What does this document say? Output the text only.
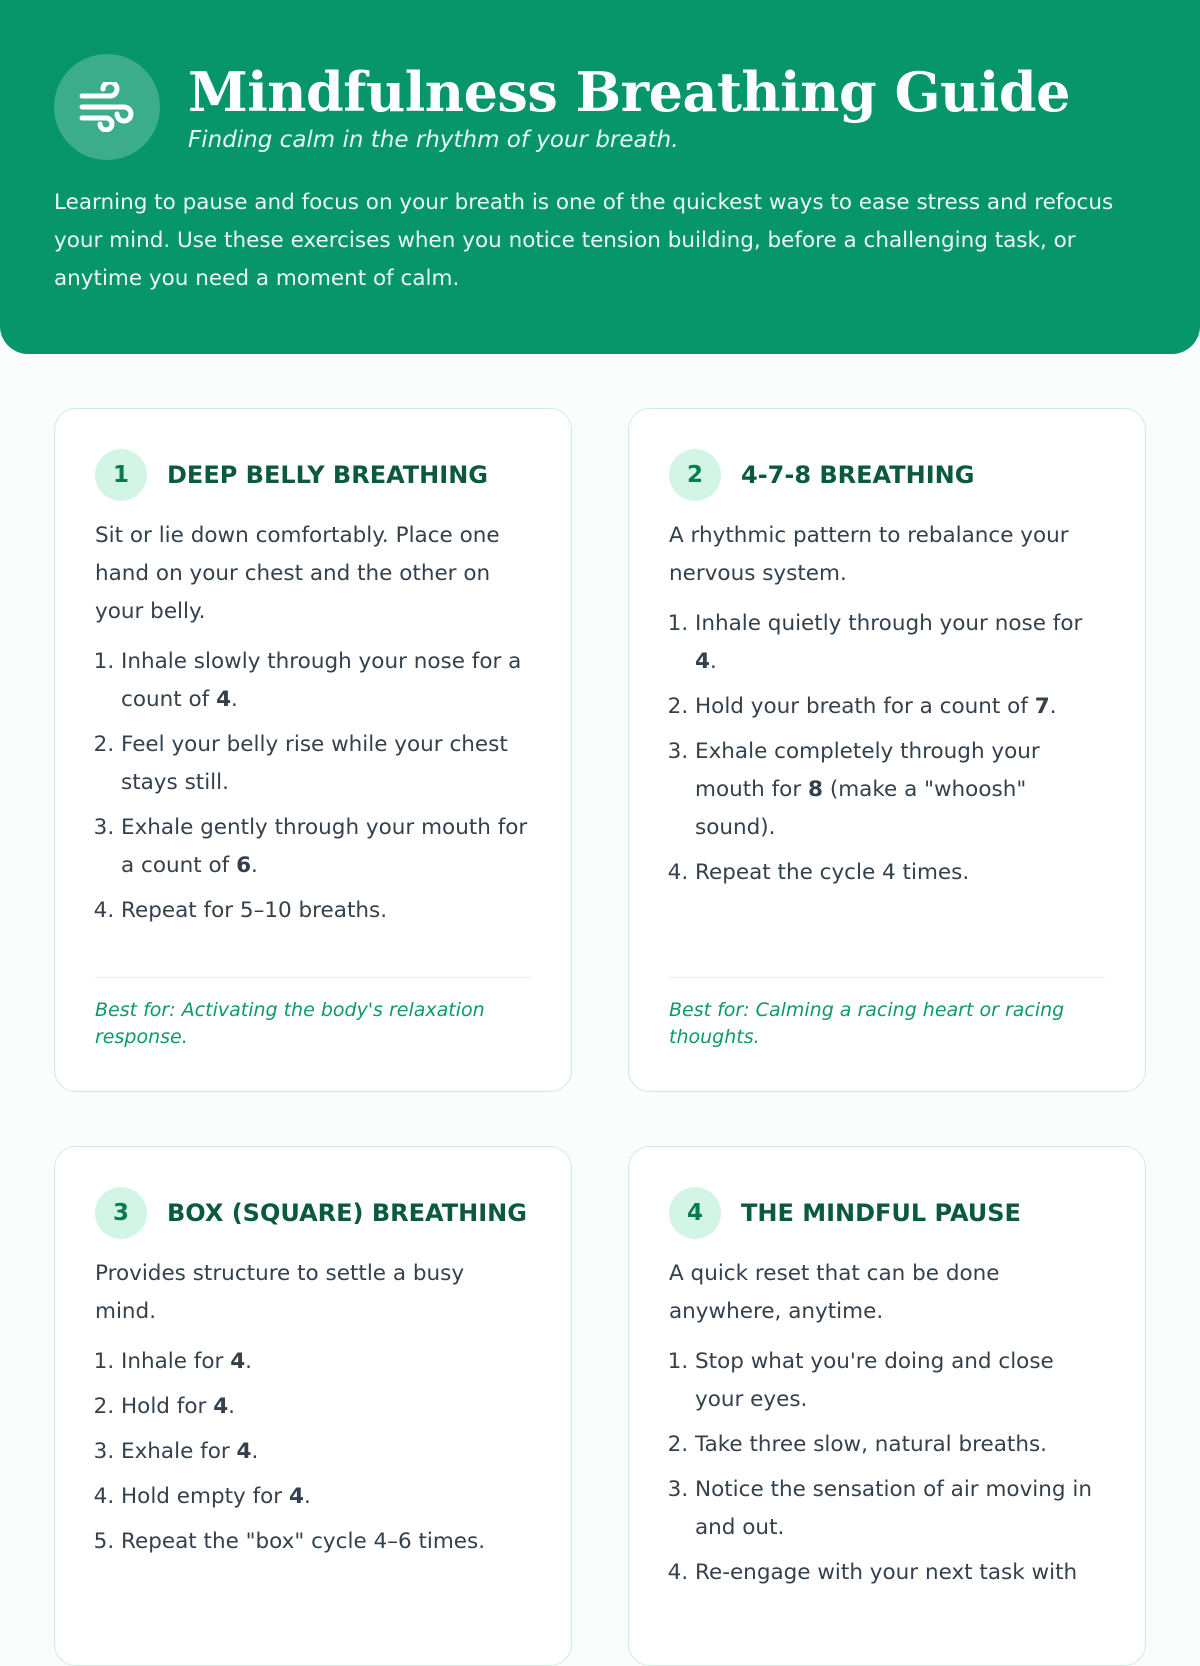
Mindfulness Breathing Guide
Finding calm in the rhythm of your breath.
Learning to pause and focus on your breath is one of the quickest ways to ease stress and refocus your mind. Use these exercises when you notice tension building, before a challenging task, or anytime you need a moment of calm.
1	DEEP BELLY BREATHING
Sit or lie down comfortably. Place one hand on your chest and the other on your belly.
1. Inhale slowly through your nose for a count of 4.
2. Feel your belly rise while your chest stays still.
3. Exhale gently through your mouth for a count of 6.
4. Repeat for 5–10 breaths.
Best for: Activating the body's relaxation response.
2	4-7-8 BREATHING
A rhythmic pattern to rebalance your nervous system.
1. Inhale quietly through your nose for 4.
2. Hold your breath for a count of 7.
3. Exhale completely through your mouth for 8 (make a "whoosh" sound).
4. Repeat the cycle 4 times.
Best for: Calming a racing heart or racing thoughts.
3	BOX (SQUARE) BREATHING
Provides structure to settle a busy mind.
1. Inhale for 4.
2. Hold for 4.
3. Exhale for 4.
4. Hold empty for 4.
5. Repeat the "box" cycle 4–6 times.
4	THE MINDFUL PAUSE
A quick reset that can be done anywhere, anytime.
1. Stop what you're doing and close your eyes.
2. Take three slow, natural breaths.
3. Notice the sensation of air moving in and out.
4. Re-engage with your next task with
